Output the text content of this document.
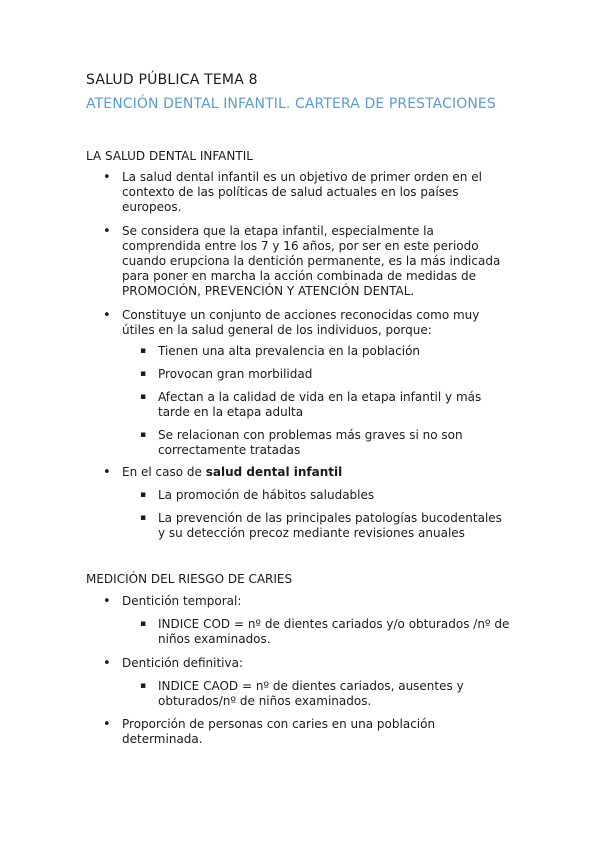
SALUD PÚBLICA TEMA 8
ATENCIÓN DENTAL INFANTIL. CARTERA DE PRESTACIONES
LA SALUD DENTAL INFANTIL
• La salud dental infantil es un objetivo de primer orden en el
contexto de las políticas de salud actuales en los países
europeos.
• Se considera que la etapa infantil, especialmente la
comprendida entre los 7 y 16 años, por ser en este periodo
cuando erupciona la dentición permanente, es la más indicada
para poner en marcha la acción combinada de medidas de
PROMOCIÓN, PREVENCIÓN Y ATENCIÓN DENTAL.
• Constituye un conjunto de acciones reconocidas como muy
útiles en la salud general de los individuos, porque:
▪ Tienen una alta prevalencia en la población
▪ Provocan gran morbilidad
▪ Afectan a la calidad de vida en la etapa infantil y más
tarde en la etapa adulta
▪ Se relacionan con problemas más graves si no son
correctamente tratadas
• En el caso de salud dental infantil
▪ La promoción de hábitos saludables
▪ La prevención de las principales patologías bucodentales
y su detección precoz mediante revisiones anuales
MEDICIÓN DEL RIESGO DE CARIES
• Dentición temporal:
▪ INDICE COD = nº de dientes cariados y/o obturados /nº de
niños examinados.
• Dentición definitiva:
▪ INDICE CAOD = nº de dientes cariados, ausentes y
obturados/nº de niños examinados.
• Proporción de personas con caries en una población
determinada.
